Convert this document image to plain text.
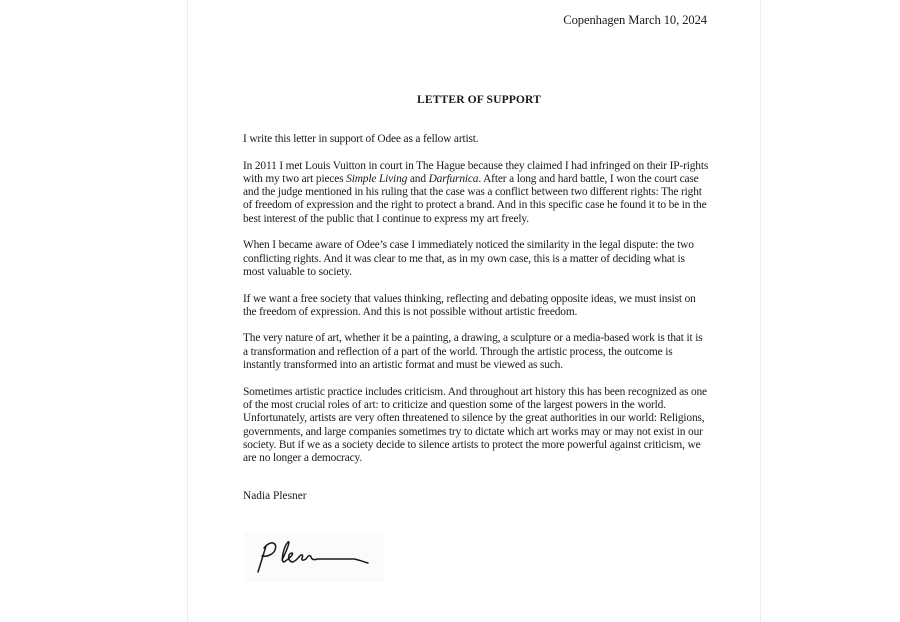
Copenhagen March 10, 2024
LETTER OF SUPPORT

I write this letter in support of Odee as a fellow artist.

In 2011 I met Louis Vuitton in court in The Hague because they claimed I had infringed on their IP-rights with my two art pieces Simple Living and Darfurnica. After a long and hard battle, I won the court case and the judge mentioned in his ruling that the case was a conflict between two different rights: The right of freedom of expression and the right to protect a brand. And in this specific case he found it to be in the best interest of the public that I continue to express my art freely.

When I became aware of Odee’s case I immediately noticed the similarity in the legal dispute: the two conflicting rights. And it was clear to me that, as in my own case, this is a matter of deciding what is most valuable to society.

If we want a free society that values thinking, reflecting and debating opposite ideas, we must insist on the freedom of expression. And this is not possible without artistic freedom.

The very nature of art, whether it be a painting, a drawing, a sculpture or a media-based work is that it is a transformation and reflection of a part of the world. Through the artistic process, the outcome is instantly transformed into an artistic format and must be viewed as such.

Sometimes artistic practice includes criticism. And throughout art history this has been recognized as one of the most crucial roles of art: to criticize and question some of the largest powers in the world. Unfortunately, artists are very often threatened to silence by the great authorities in our world: Religions, governments, and large companies sometimes try to dictate which art works may or may not exist in our society. But if we as a society decide to silence artists to protect the more powerful against criticism, we are no longer a democracy.

Nadia Plesner
